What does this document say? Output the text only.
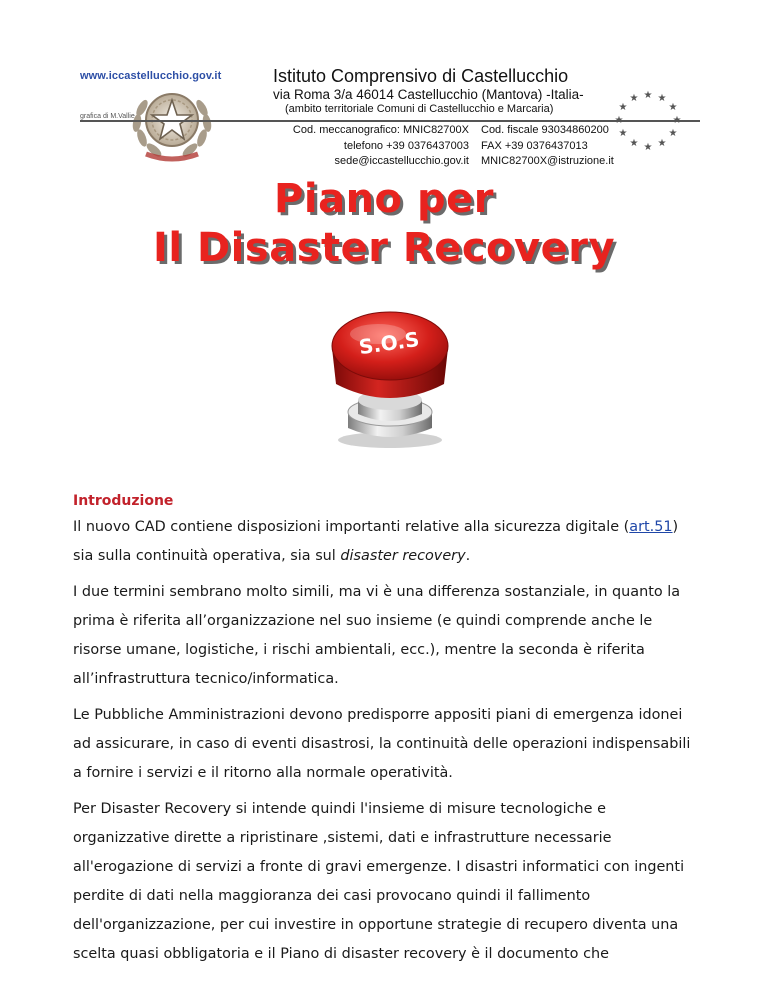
www.iccastellucchio.gov.it
grafica di M.Vallie
Istituto Comprensivo di Castellucchio
via Roma 3/a 46014 Castellucchio (Mantova) -Italia-
(ambito territoriale Comuni di Castellucchio e Marcaria)
Cod. meccanografico: MNIC82700X
telefono +39 0376437003
sede@iccastellucchio.gov.it
Cod. fiscale 93034860200
FAX +39 0376437013
MNIC82700X@istruzione.it
★ ★
★
★
★
★
★
★
★
★
★
★
Piano per
Il Disaster Recovery
S.O.S
Introduzione

Il nuovo CAD contiene disposizioni importanti relative alla sicurezza digitale (art.51) sia sulla continuità operativa, sia sul disaster recovery.

I due termini sembrano molto simili, ma vi è una differenza sostanziale, in quanto la prima è riferita all’organizzazione nel suo insieme (e quindi comprende anche le risorse umane, logistiche, i rischi ambientali, ecc.), mentre la seconda è riferita all’infrastruttura tecnico/informatica.

Le Pubbliche Amministrazioni devono predisporre appositi piani di emergenza idonei ad assicurare, in caso di eventi disastrosi, la continuità delle operazioni indispensabili a fornire i servizi e il ritorno alla normale operatività.

Per Disaster Recovery si intende quindi l'insieme di misure tecnologiche e organizzative dirette a ripristinare ,sistemi, dati e infrastrutture necessarie all'erogazione di servizi a fronte di gravi emergenze. I disastri informatici con ingenti perdite di dati nella maggioranza dei casi provocano quindi il fallimento dell'organizzazione, per cui investire in opportune strategie di recupero diventa una scelta quasi obbligatoria e il Piano di disaster recovery è il documento che
